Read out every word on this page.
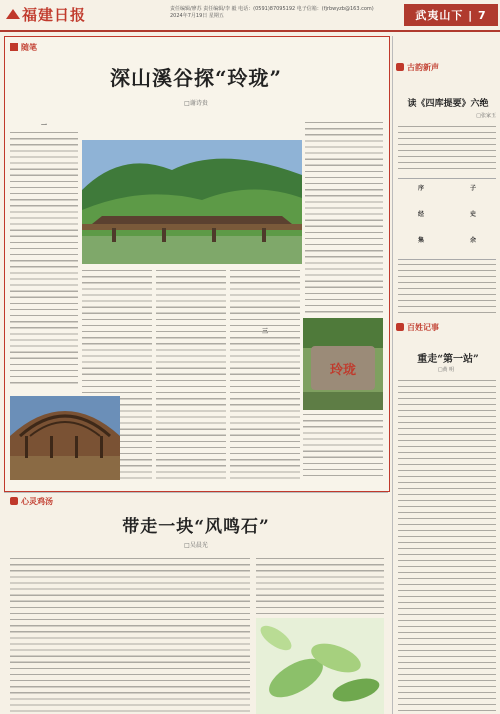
福建日报	责任编辑/廖苏 责任编辑/李 毅 电话：(0591)87095192 电子信箱：(fjrbwyzb@163.com)
2024年7月19日 星期五	武夷山下 | 7
随笔
深山溪谷探“玲珑”
□谢诗贵
一
三
玲珑
古韵新声
读《四库提要》六绝
□张家玉
序	子
经	史
集	余
百姓记事
重走“第一站”
□黄 明
心灵鸡汤
带走一块“风鸣石”
□吴晨光
